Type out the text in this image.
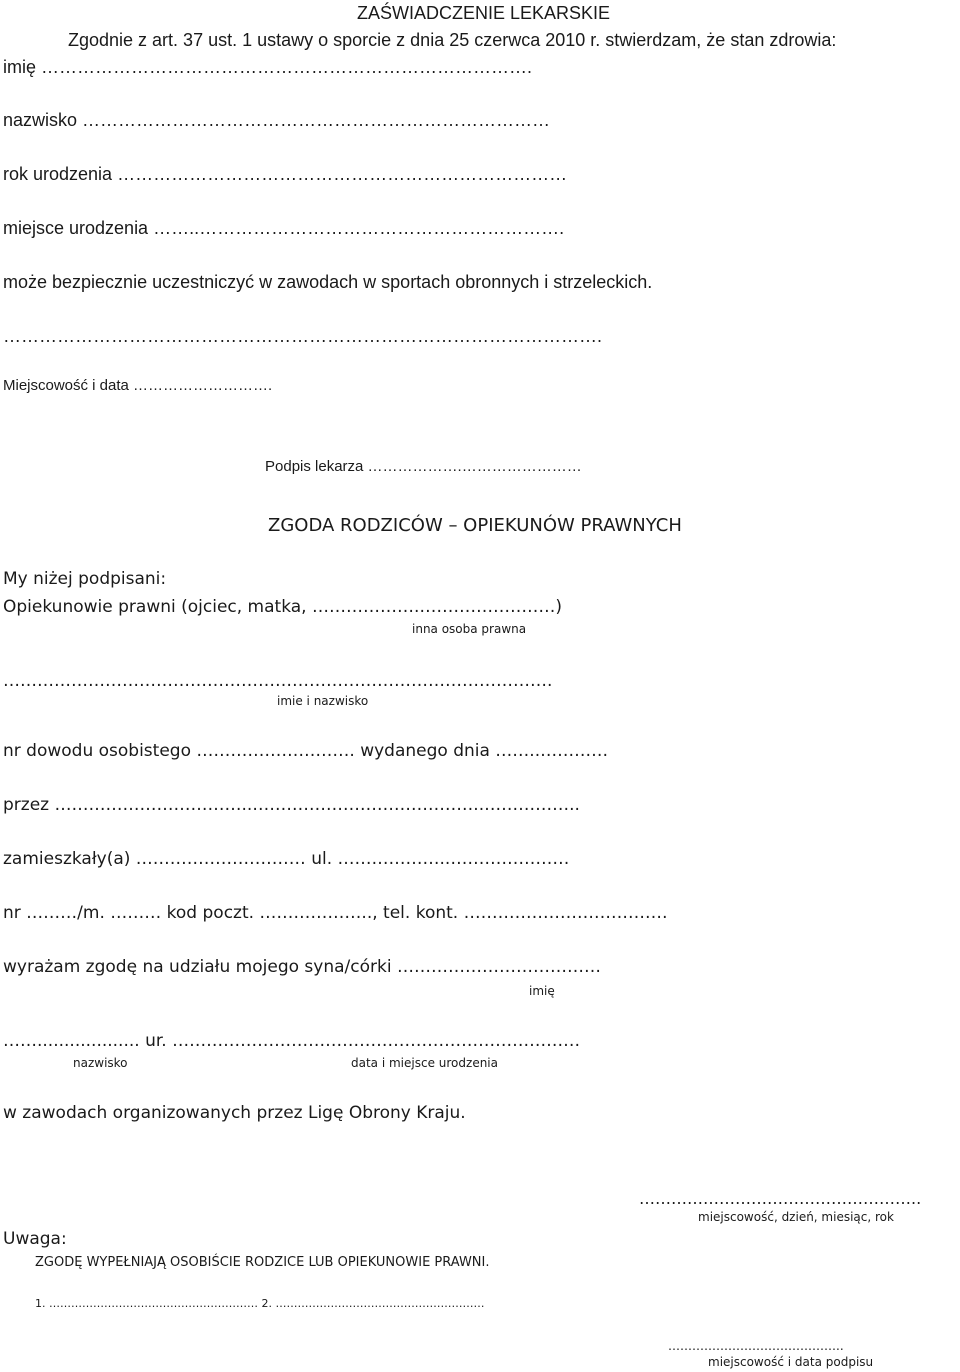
ZAŚWIADCZENIE LEKARSKIE
Zgodnie z art. 37 ust. 1 ustawy o sporcie z dnia 25 czerwca 2010 r. stwierdzam, że stan zdrowia:
imię ……………………………………………………………………….
nazwisko ……………………………………………………………………
rok urodzenia …………………………………………………………………
miejsce urodzenia ……..…………………………………………………….
może bezpiecznie uczestniczyć w zawodach w sportach obronnych i strzeleckich.
……………………………………………………………………………………….
Miejscowość i data ……………………….
Podpis lekarza ……………….……………………
ZGODA RODZICÓW – OPIEKUNÓW PRAWNYCH
My niżej podpisani:
Opiekunowie prawni (ojciec, matka, ……………….……………………)
inna osoba prawna
…………………………………………………………………………………….
imie i nazwisko
nr dowodu osobistego ………………………. wydanego dnia ……..…………
przez ……………………………..…………………………………..……………..
zamieszkały(a) ………………………… ul. ………………..…………………
nr ………/m. ……… kod poczt. ……………….., tel. kont. ………………………………
wyrażam zgodę na udziału mojego syna/córki ………………………………
imię
……................... ur. ………………………………………………………………
nazwisko	data i miejsce urodzenia
w zawodach organizowanych przez Ligę Obrony Kraju.
……………………………………………..
miejscowość, dzień, miesiąc, rok
Uwaga:
ZGODĘ WYPEŁNIAJĄ OSOBIŚCIE RODZICE LUB OPIEKUNOWIE PRAWNI.
1. ………………………………………………… 2. …………………………………………………
……………………………………..
miejscowość i data podpisu
